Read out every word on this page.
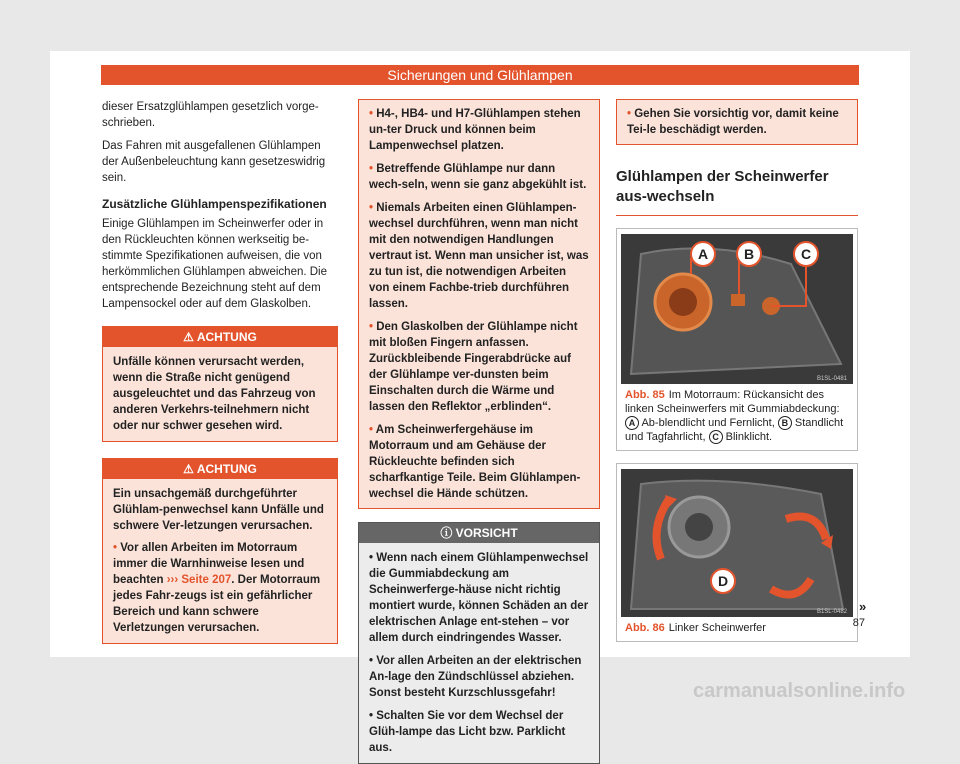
Sicherungen und Glühlampen

dieser Ersatzglühlampen gesetzlich vorge-schrieben.

Das Fahren mit ausgefallenen Glühlampen der Außenbeleuchtung kann gesetzeswidrig sein.

Zusätzliche Glühlampenspezifikationen

Einige Glühlampen im Scheinwerfer oder in den Rückleuchten können werkseitig be-stimmte Spezifikationen aufweisen, die von herkömmlichen Glühlampen abweichen. Die entsprechende Bezeichnung steht auf dem Lampensockel oder auf dem Glaskolben.

⚠ ACHTUNG
Unfälle können verursacht werden, wenn die Straße nicht genügend ausgeleuchtet und das Fahrzeug von anderen Verkehrs-teilnehmern nicht oder nur schwer gesehen wird.
⚠ ACHTUNG
Ein unsachgemäß durchgeführter Glühlam-penwechsel kann Unfälle und schwere Ver-letzungen verursachen.
• Vor allen Arbeiten im Motorraum immer die Warnhinweise lesen und beachten ››› Seite 207. Der Motorraum jedes Fahr-zeugs ist ein gefährlicher Bereich und kann schwere Verletzungen verursachen.
• H4-, HB4- und H7-Glühlampen stehen un-ter Druck und können beim Lampenwechsel platzen.
• Betreffende Glühlampe nur dann wech-seln, wenn sie ganz abgekühlt ist.
• Niemals Arbeiten einen Glühlampen-wechsel durchführen, wenn man nicht mit den notwendigen Handlungen vertraut ist. Wenn man unsicher ist, was zu tun ist, die notwendigen Arbeiten von einem Fachbe-trieb durchführen lassen.
• Den Glaskolben der Glühlampe nicht mit bloßen Fingern anfassen. Zurückbleibende Fingerabdrücke auf der Glühlampe ver-dunsten beim Einschalten durch die Wärme und lassen den Reflektor „erblinden“.
• Am Scheinwerfergehäuse im Motorraum und am Gehäuse der Rückleuchte befinden sich scharfkantige Teile. Beim Glühlampen-wechsel die Hände schützen.
ⓘ VORSICHT
• Wenn nach einem Glühlampenwechsel die Gummiabdeckung am Scheinwerferge-häuse nicht richtig montiert wurde, können Schäden an der elektrischen Anlage ent-stehen – vor allem durch eindringendes Wasser.
• Vor allen Arbeiten an der elektrischen An-lage den Zündschlüssel abziehen. Sonst besteht Kurzschlussgefahr!
• Schalten Sie vor dem Wechsel der Glüh-lampe das Licht bzw. Parklicht aus.
• Gehen Sie vorsichtig vor, damit keine Tei-le beschädigt werden.
Glühlampen der Scheinwerfer aus-wechseln
A	B	C
B1SL-0481
Abb. 85 Im Motorraum: Rückansicht des linken Scheinwerfers mit Gummiabdeckung: A Ab-blendlicht und Fernlicht, B Standlicht und Tagfahrlicht, C Blinklicht.
D
B1SL-0482
Abb. 86 Linker Scheinwerfer
»
87
carmanualsonline.info
